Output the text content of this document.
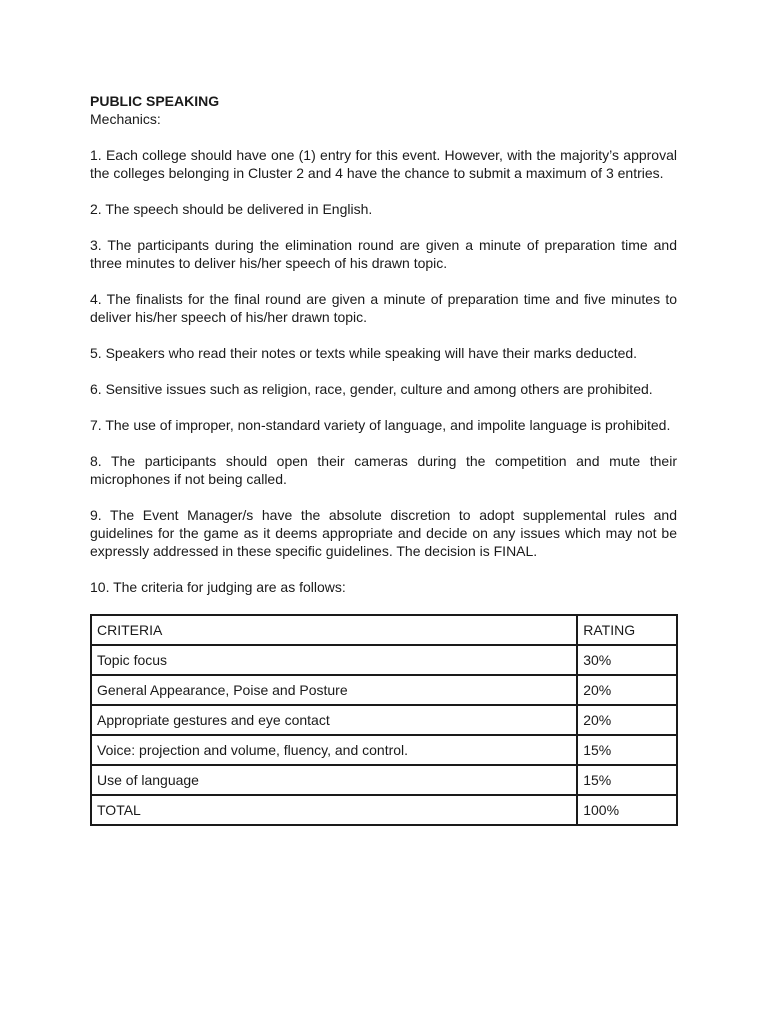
PUBLIC SPEAKING

Mechanics:

1. Each college should have one (1) entry for this event. However, with the majority’s approval the colleges belonging in Cluster 2 and 4 have the chance to submit a maximum of 3 entries.

2. The speech should be delivered in English.

3. The participants during the elimination round are given a minute of preparation time and three minutes to deliver his/her speech of his drawn topic.

4. The finalists for the final round are given a minute of preparation time and five minutes to deliver his/her speech of his/her drawn topic.

5. Speakers who read their notes or texts while speaking will have their marks deducted.

6. Sensitive issues such as religion, race, gender, culture and among others are prohibited.

7. The use of improper, non-standard variety of language, and impolite language is prohibited.

8. The participants should open their cameras during the competition and mute their microphones if not being called.

9. The Event Manager/s have the absolute discretion to adopt supplemental rules and guidelines for the game as it deems appropriate and decide on any issues which may not be expressly addressed in these specific guidelines. The decision is FINAL.

10. The criteria for judging are as follows:

CRITERIA	RATING
Topic focus	30%
General Appearance, Poise and Posture	20%
Appropriate gestures and eye contact	20%
Voice: projection and volume, fluency, and control.	15%
Use of language	15%
TOTAL	100%
